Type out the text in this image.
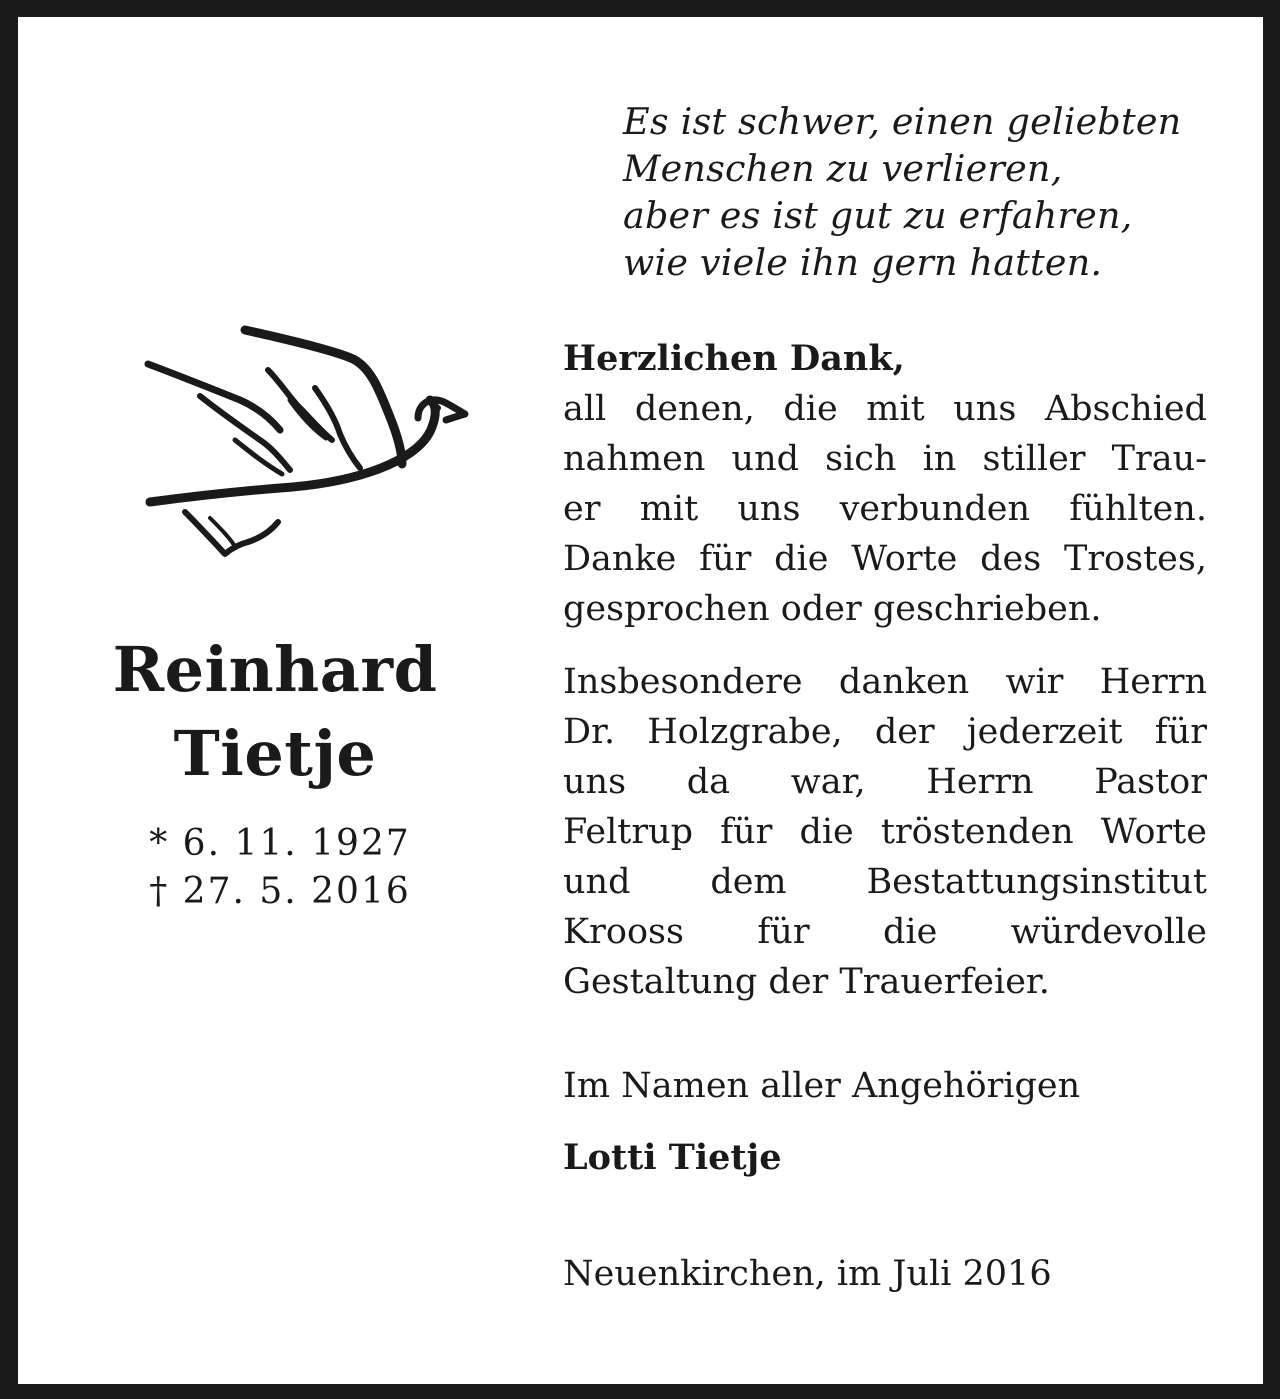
Es ist schwer, einen geliebten
Menschen zu verlieren,
aber es ist gut zu erfahren,
wie viele ihn gern hatten.
Reinhard
Tietje
* 6. 11. 1927
† 27. 5. 2016
Herzlichen Dank,
all denen, die mit uns Abschied
nahmen und sich in stiller Trau-
er mit uns verbunden fühlten.
Danke für die Worte des Trostes,
gesprochen oder geschrieben.
Insbesondere danken wir Herrn
Dr. Holzgrabe, der jederzeit für
uns da war, Herrn Pastor
Feltrup für die tröstenden Worte
und dem Bestattungsinstitut
Krooss für die würdevolle
Gestaltung der Trauerfeier.
Im Namen aller Angehörigen
Lotti Tietje
Neuenkirchen, im Juli 2016
